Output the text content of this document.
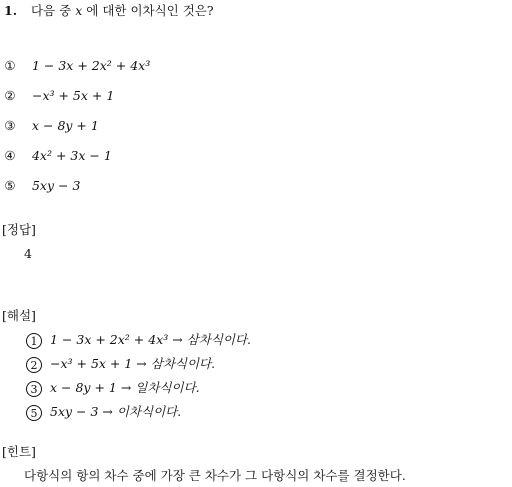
1. 다음 중 x 에 대한 이차식인 것은?
① 1 − 3x + 2x² + 4x³
② −x³ + 5x + 1
③ x − 8y + 1
④ 4x² + 3x − 1
⑤ 5xy − 3
[정답]
4
[해설]
1 1 − 3x + 2x² + 4x³ → 삼차식이다.
2 −x³ + 5x + 1 → 삼차식이다.
3 x − 8y + 1 → 일차식이다.
5 5xy − 3 → 이차식이다.
[힌트]
다항식의 항의 차수 중에 가장 큰 차수가 그 다항식의 차수를 결정한다.
